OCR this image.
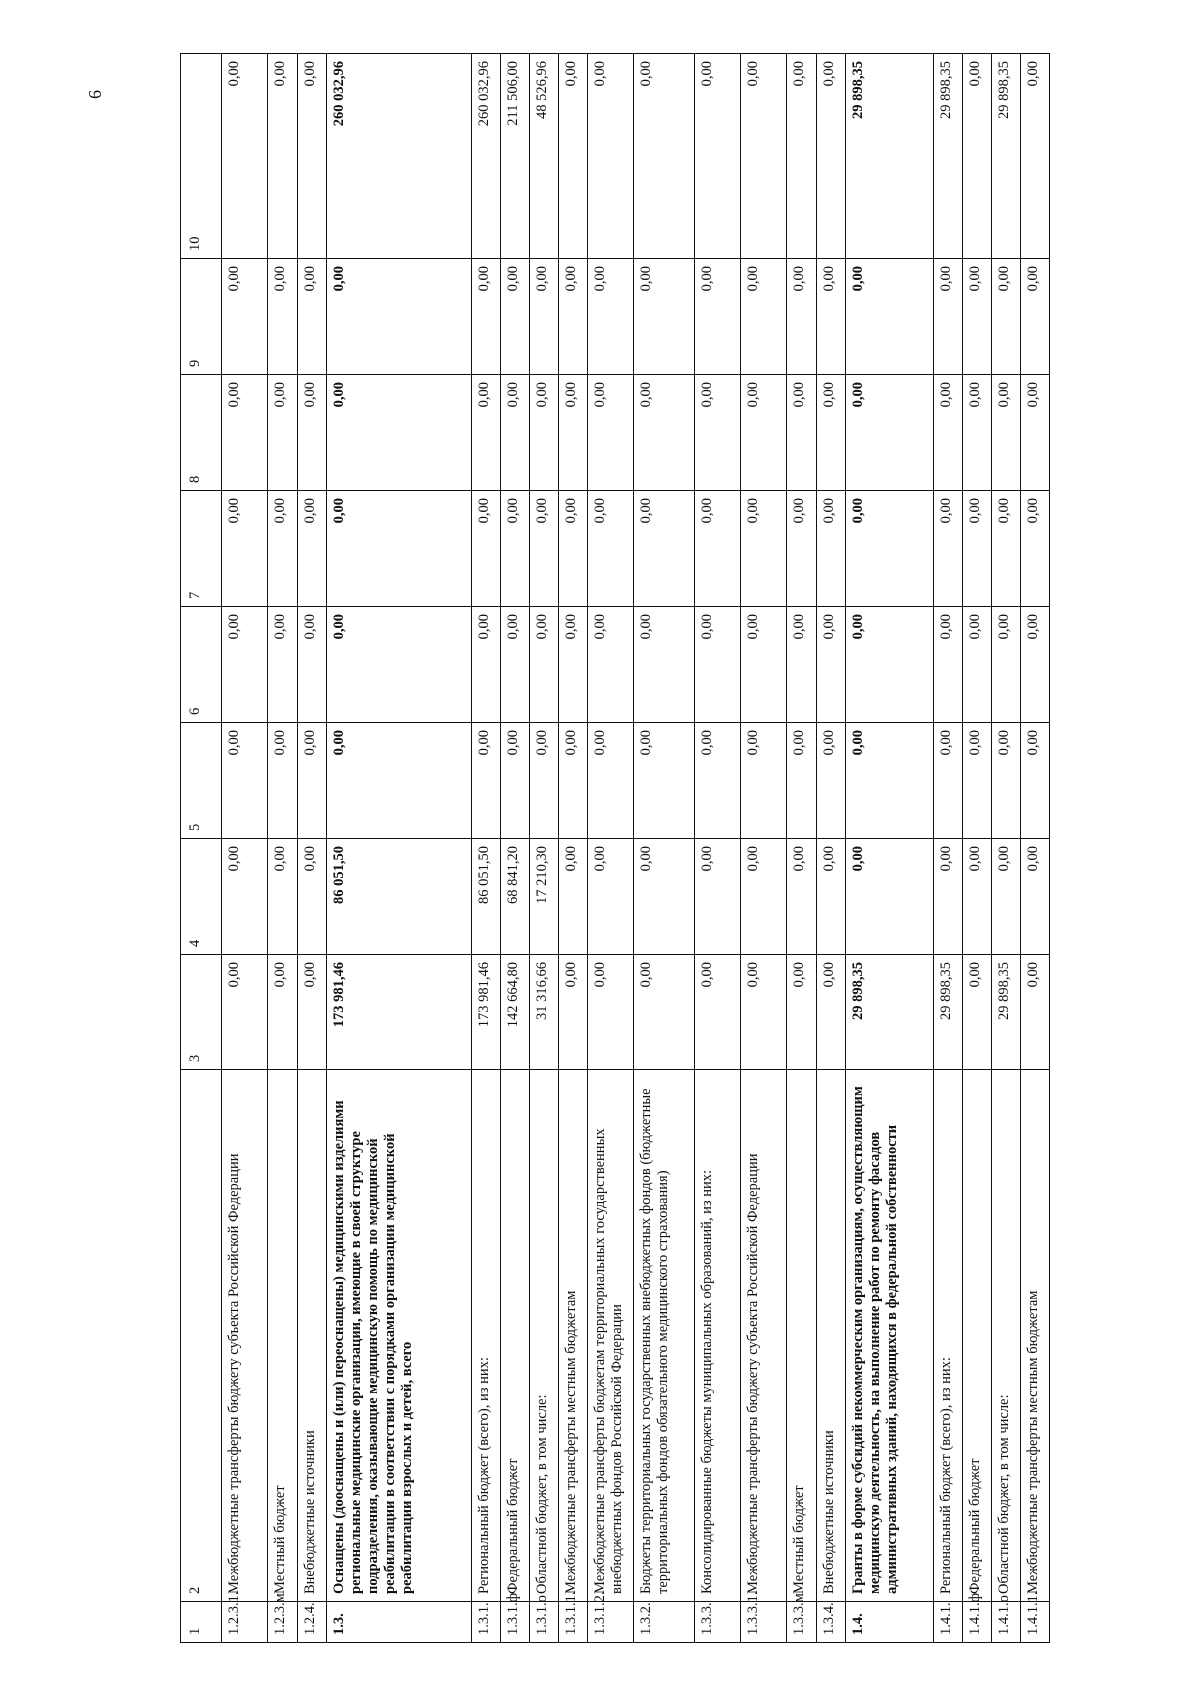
6
1	2	3	4	5	6	7	8	9	10
1.2.3.1.	Межбюджетные трансферты бюджету субъекта Российской Федерации	0,00	0,00	0,00	0,00	0,00	0,00	0,00	0,00
1.2.3.м	Местный бюджет	0,00	0,00	0,00	0,00	0,00	0,00	0,00	0,00
1.2.4.	Внебюджетные источники	0,00	0,00	0,00	0,00	0,00	0,00	0,00	0,00
1.3.	Оснащены (дооснащены и (или) переоснащены) медицинскими изделиями региональные медицинские организации, имеющие в своей структуре подразделения, оказывающие медицинскую помощь по медицинской реабилитации в соответствии с порядками организации медицинской реабилитации взрослых и детей, всего	173 981,46	86 051,50	0,00	0,00	0,00	0,00	0,00	260 032,96
1.3.1.	Региональный бюджет (всего), из них:	173 981,46	86 051,50	0,00	0,00	0,00	0,00	0,00	260 032,96
1.3.1.ф	Федеральный бюджет	142 664,80	68 841,20	0,00	0,00	0,00	0,00	0,00	211 506,00
1.3.1.о	Областной бюджет, в том числе:	31 316,66	17 210,30	0,00	0,00	0,00	0,00	0,00	48 526,96
1.3.1.1.	Межбюджетные трансферты местным бюджетам	0,00	0,00	0,00	0,00	0,00	0,00	0,00	0,00
1.3.1.2.	Межбюджетные трансферты бюджетам территориальных государственных внебюджетных фондов Российской Федерации	0,00	0,00	0,00	0,00	0,00	0,00	0,00	0,00
1.3.2.	Бюджеты территориальных государственных внебюджетных фондов (бюджетные территориальных фондов обязательного медицинского страхования)	0,00	0,00	0,00	0,00	0,00	0,00	0,00	0,00
1.3.3.	Консолидированные бюджеты муниципальных образований, из них:	0,00	0,00	0,00	0,00	0,00	0,00	0,00	0,00
1.3.3.1.	Межбюджетные трансферты бюджету субъекта Российской Федерации	0,00	0,00	0,00	0,00	0,00	0,00	0,00	0,00
1.3.3.м	Местный бюджет	0,00	0,00	0,00	0,00	0,00	0,00	0,00	0,00
1.3.4.	Внебюджетные источники	0,00	0,00	0,00	0,00	0,00	0,00	0,00	0,00
1.4.	Гранты в форме субсидий некоммерческим организациям, осуществляющим медицинскую деятельность, на выполнение работ по ремонту фасадов административных зданий, находящихся в федеральной собственности	29 898,35	0,00	0,00	0,00	0,00	0,00	0,00	29 898,35
1.4.1.	Региональный бюджет (всего), из них:	29 898,35	0,00	0,00	0,00	0,00	0,00	0,00	29 898,35
1.4.1.ф	Федеральный бюджет	0,00	0,00	0,00	0,00	0,00	0,00	0,00	0,00
1.4.1.о	Областной бюджет, в том числе:	29 898,35	0,00	0,00	0,00	0,00	0,00	0,00	29 898,35
1.4.1.1.	Межбюджетные трансферты местным бюджетам	0,00	0,00	0,00	0,00	0,00	0,00	0,00	0,00
